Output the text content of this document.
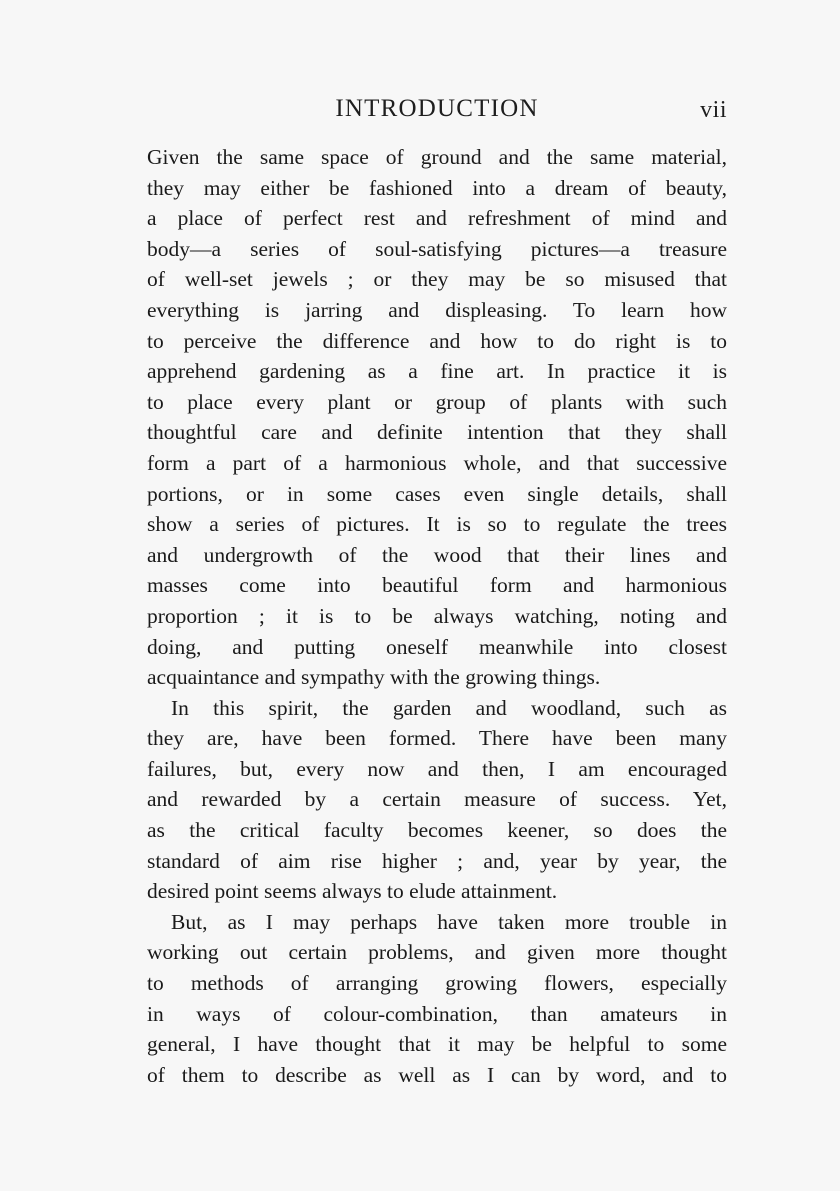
INTRODUCTION	vii
Given the same space of ground and the same material,
they may either be fashioned into a dream of beauty,
a place of perfect rest and refreshment of mind and
body—a series of soul-satisfying pictures—a treasure
of well-set jewels ; or they may be so misused that
everything is jarring and displeasing. To learn how
to perceive the difference and how to do right is to
apprehend gardening as a fine art. In practice it is
to place every plant or group of plants with such
thoughtful care and definite intention that they shall
form a part of a harmonious whole, and that successive
portions, or in some cases even single details, shall
show a series of pictures. It is so to regulate the trees
and undergrowth of the wood that their lines and
masses come into beautiful form and harmonious
proportion ; it is to be always watching, noting and
doing, and putting oneself meanwhile into closest
acquaintance and sympathy with the growing things.
In this spirit, the garden and woodland, such as
they are, have been formed. There have been many
failures, but, every now and then, I am encouraged
and rewarded by a certain measure of success. Yet,
as the critical faculty becomes keener, so does the
standard of aim rise higher ; and, year by year, the
desired point seems always to elude attainment.
But, as I may perhaps have taken more trouble in
working out certain problems, and given more thought
to methods of arranging growing flowers, especially
in ways of colour-combination, than amateurs in
general, I have thought that it may be helpful to some
of them to describe as well as I can by word, and to
